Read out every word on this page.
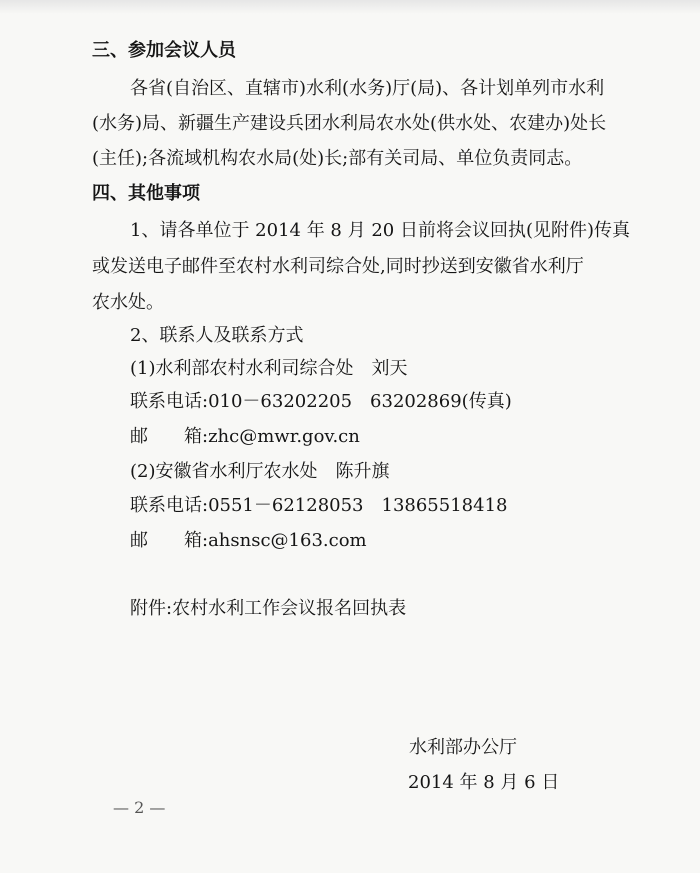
三、参加会议人员
各省(自治区、直辖市)水利(水务)厅(局)、各计划单列市水利
(水务)局、新疆生产建设兵团水利局农水处(供水处、农建办)处长
(主任);各流域机构农水局(处)长;部有关司局、单位负责同志。
四、其他事项
1、请各单位于 2014 年 8 月 20 日前将会议回执(见附件)传真
或发送电子邮件至农村水利司综合处,同时抄送到安徽省水利厅
农水处。
2、联系人及联系方式
(1)水利部农村水利司综合处　刘天
联系电话:010－63202205　63202869(传真)
邮　　箱:zhc@mwr.gov.cn
(2)安徽省水利厅农水处　陈升旗
联系电话:0551－62128053　13865518418
邮　　箱:ahsnsc@163.com
附件:农村水利工作会议报名回执表
水利部办公厅
2014 年 8 月 6 日
— 2 —
